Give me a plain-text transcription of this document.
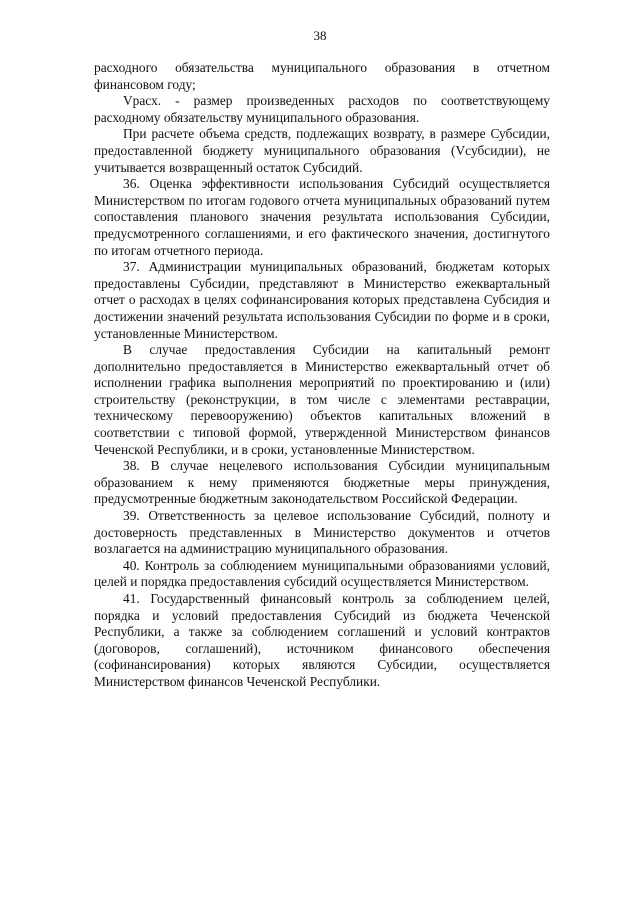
38

расходного обязательства муниципального образования в отчетном финансовом году;

Vрасх. - размер произведенных расходов по соответствующему расходному обязательству муниципального образования.

При расчете объема средств, подлежащих возврату, в размере Субсидии, предоставленной бюджету муниципального образования (Vсубсидии), не учитывается возвращенный остаток Субсидий.

36. Оценка эффективности использования Субсидий осуществляется Министерством по итогам годового отчета муниципальных образований путем сопоставления планового значения результата использования Субсидии, предусмотренного соглашениями, и его фактического значения, достигнутого по итогам отчетного периода.

37. Администрации муниципальных образований, бюджетам которых предоставлены Субсидии, представляют в Министерство ежеквартальный отчет о расходах в целях софинансирования которых представлена Субсидия и достижении значений результата использования Субсидии по форме и в сроки, установленные Министерством.

В случае предоставления Субсидии на капитальный ремонт дополнительно предоставляется в Министерство ежеквартальный отчет об исполнении графика выполнения мероприятий по проектированию и (или) строительству (реконструкции, в том числе с элементами реставрации, техническому перевооружению) объектов капитальных вложений в соответствии с типовой формой, утвержденной Министерством финансов Чеченской Республики, и в сроки, установленные Министерством.

38. В случае нецелевого использования Субсидии муниципальным образованием к нему применяются бюджетные меры принуждения, предусмотренные бюджетным законодательством Российской Федерации.

39. Ответственность за целевое использование Субсидий, полноту и достоверность представленных в Министерство документов и отчетов возлагается на администрацию муниципального образования.

40. Контроль за соблюдением муниципальными образованиями условий, целей и порядка предоставления субсидий осуществляется Министерством.

41. Государственный финансовый контроль за соблюдением целей, порядка и условий предоставления Субсидий из бюджета Чеченской Республики, а также за соблюдением соглашений и условий контрактов (договоров, соглашений), источником финансового обеспечения (софинансирования) которых являются Субсидии, осуществляется Министерством финансов Чеченской Республики.
